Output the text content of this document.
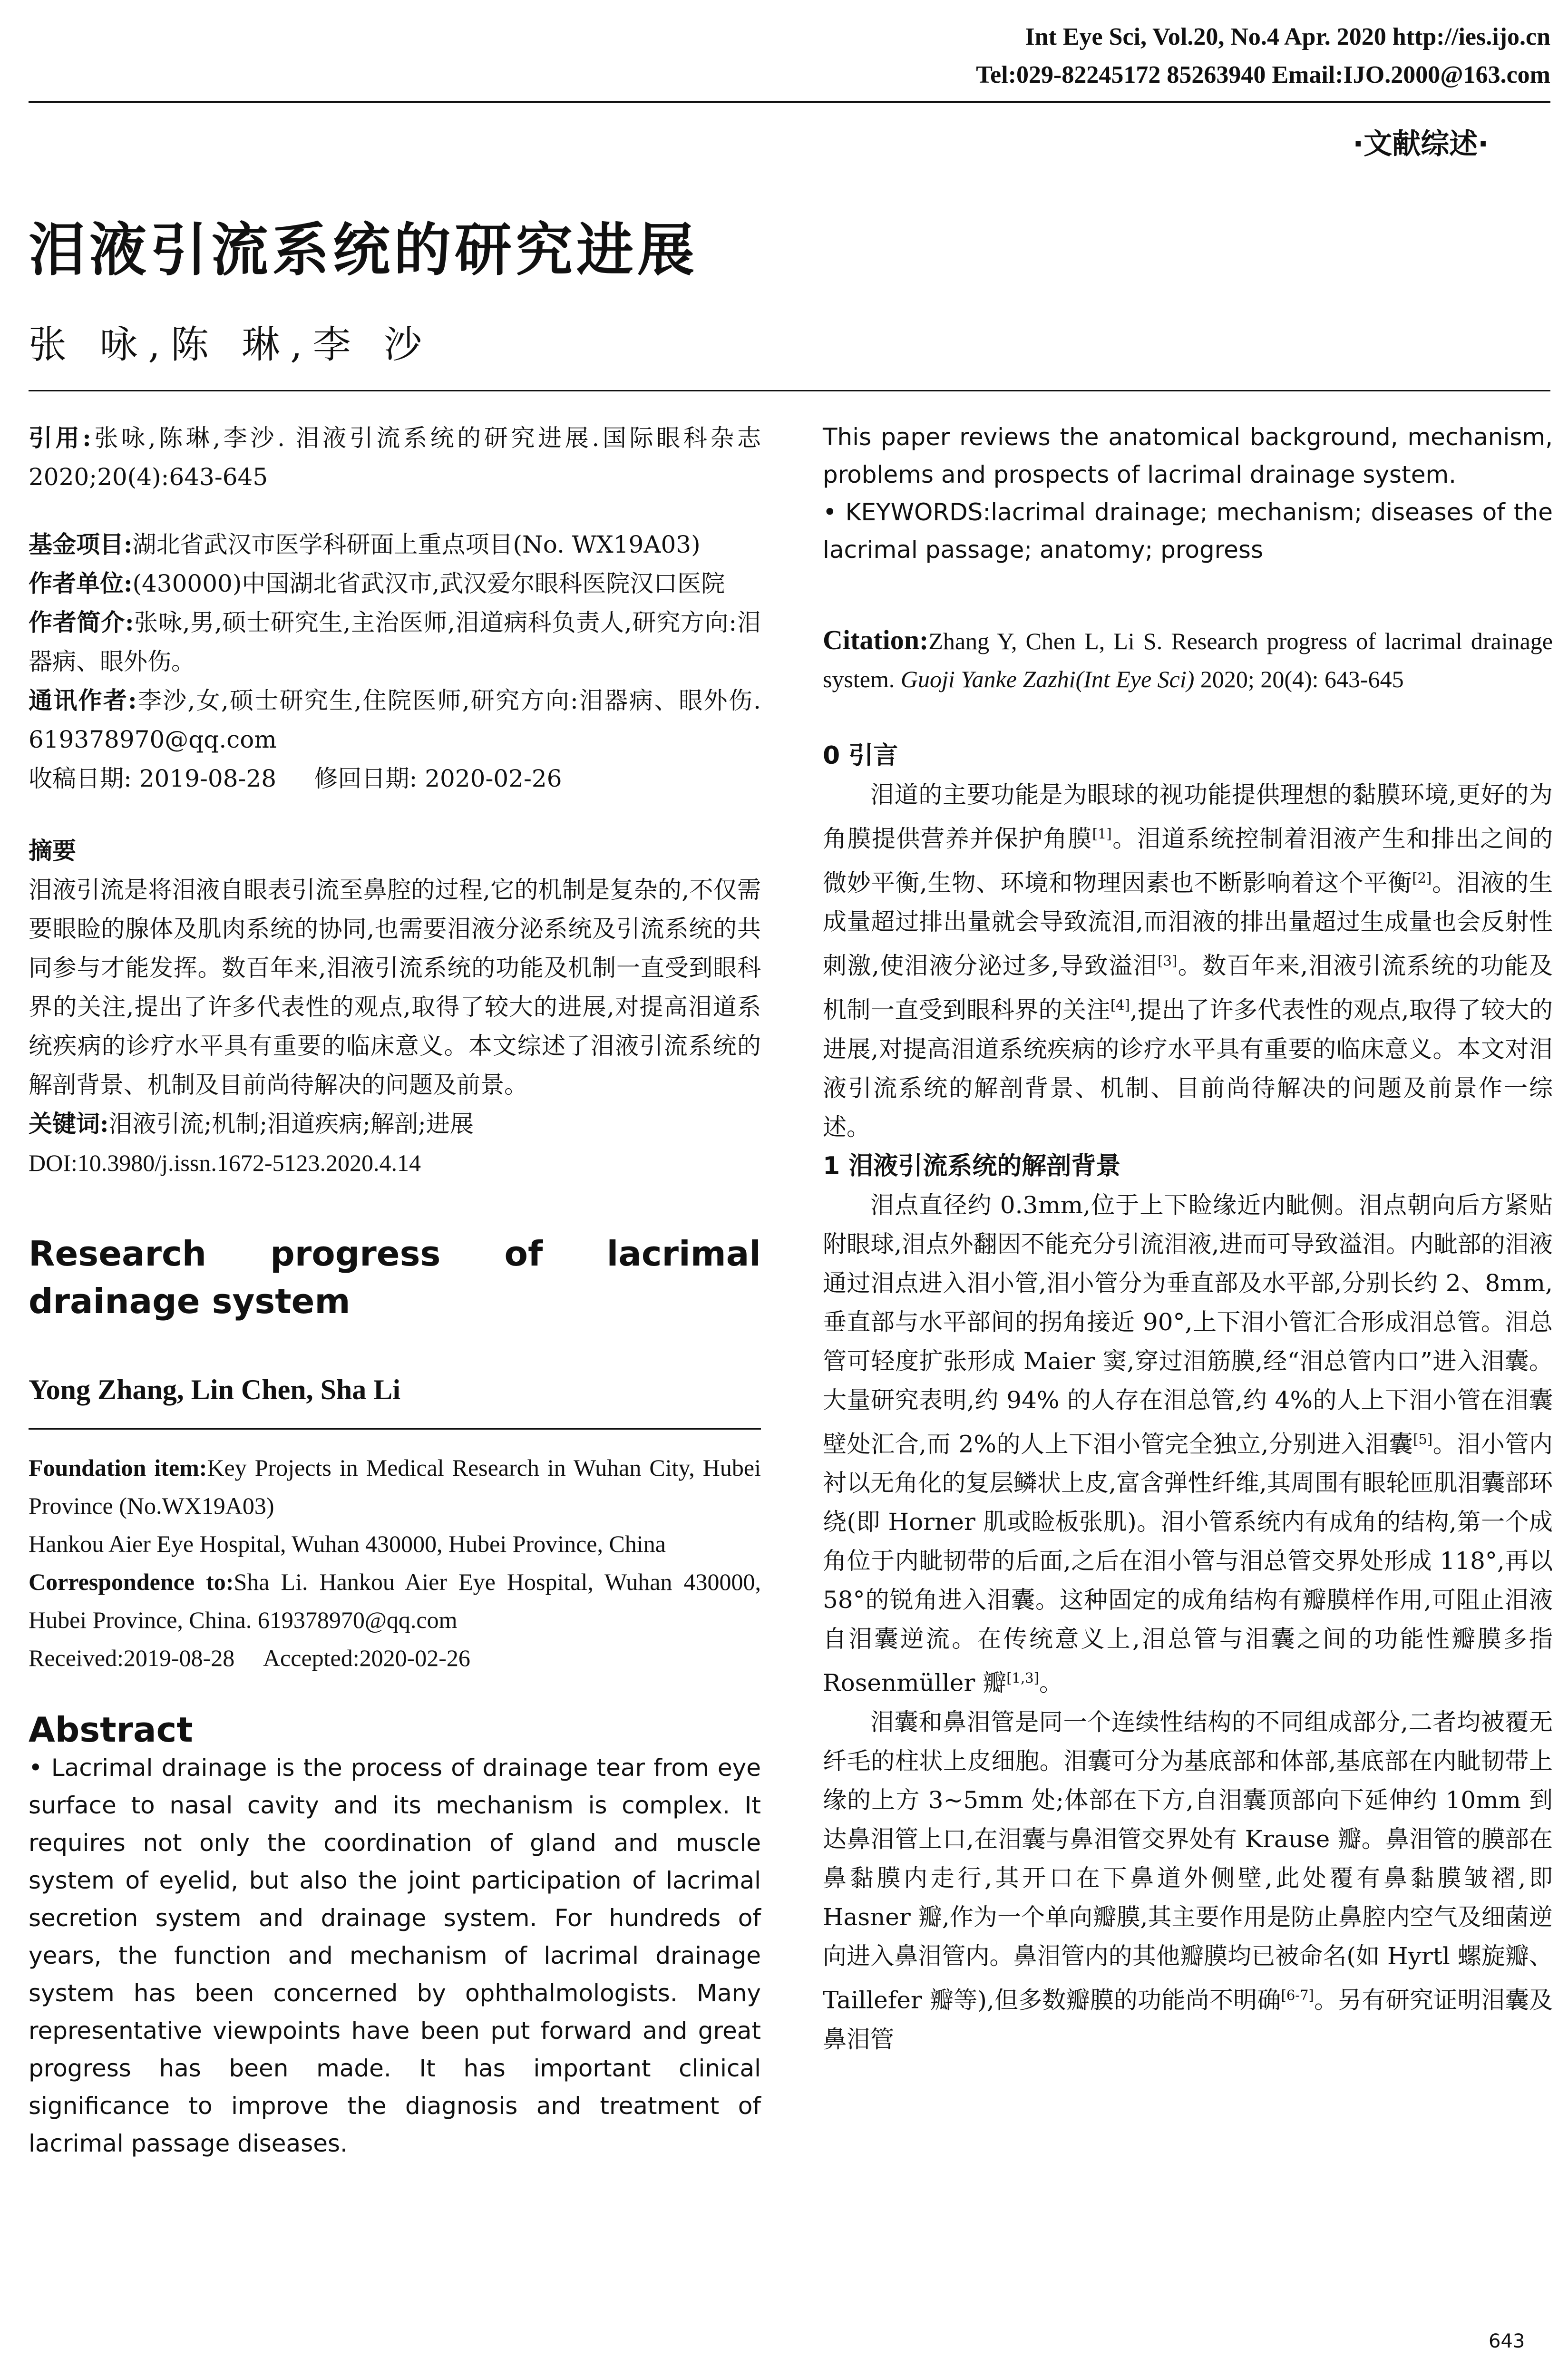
Int Eye Sci, Vol.20, No.4 Apr. 2020 http://ies.ijo.cn
Tel:029-82245172 85263940 Email:IJO.2000@163.com
·文献综述·
泪液引流系统的研究进展
张 咏,陈 琳,李 沙

引用:张咏,陈琳,李沙. 泪液引流系统的研究进展.国际眼科杂志 2020;20(4):643-645

基金项目:湖北省武汉市医学科研面上重点项目(No. WX19A03)

作者单位:(430000)中国湖北省武汉市,武汉爱尔眼科医院汉口医院

作者简介:张咏,男,硕士研究生,主治医师,泪道病科负责人,研究方向:泪器病、眼外伤。

通讯作者:李沙,女,硕士研究生,住院医师,研究方向:泪器病、眼外伤. 619378970@qq.com

收稿日期: 2019-08-28     修回日期: 2020-02-26

摘要

泪液引流是将泪液自眼表引流至鼻腔的过程,它的机制是复杂的,不仅需要眼睑的腺体及肌肉系统的协同,也需要泪液分泌系统及引流系统的共同参与才能发挥。数百年来,泪液引流系统的功能及机制一直受到眼科界的关注,提出了许多代表性的观点,取得了较大的进展,对提高泪道系统疾病的诊疗水平具有重要的临床意义。本文综述了泪液引流系统的解剖背景、机制及目前尚待解决的问题及前景。

关键词:泪液引流;机制;泪道疾病;解剖;进展

DOI:10.3980/j.issn.1672-5123.2020.4.14

Research progress of lacrimal drainage system

Yong Zhang, Lin Chen, Sha Li

Foundation item:Key Projects in Medical Research in Wuhan City, Hubei Province (No.WX19A03)

Hankou Aier Eye Hospital, Wuhan 430000, Hubei Province, China

Correspondence to:Sha Li. Hankou Aier Eye Hospital, Wuhan 430000, Hubei Province, China. 619378970@qq.com

Received:2019-08-28     Accepted:2020-02-26

Abstract

• Lacrimal drainage is the process of drainage tear from eye surface to nasal cavity and its mechanism is complex. It requires not only the coordination of gland and muscle system of eyelid, but also the joint participation of lacrimal secretion system and drainage system. For hundreds of years, the function and mechanism of lacrimal drainage system has been concerned by ophthalmologists. Many representative viewpoints have been put forward and great progress has been made. It has important clinical significance to improve the diagnosis and treatment of lacrimal passage diseases.

This paper reviews the anatomical background, mechanism, problems and prospects of lacrimal drainage system.

• KEYWORDS:lacrimal drainage; mechanism; diseases of the lacrimal passage; anatomy; progress

Citation:Zhang Y, Chen L, Li S. Research progress of lacrimal drainage system. Guoji Yanke Zazhi(Int Eye Sci) 2020; 20(4): 643-645

0 引言

泪道的主要功能是为眼球的视功能提供理想的黏膜环境,更好的为角膜提供营养并保护角膜[1]。泪道系统控制着泪液产生和排出之间的微妙平衡,生物、环境和物理因素也不断影响着这个平衡[2]。泪液的生成量超过排出量就会导致流泪,而泪液的排出量超过生成量也会反射性刺激,使泪液分泌过多,导致溢泪[3]。数百年来,泪液引流系统的功能及机制一直受到眼科界的关注[4],提出了许多代表性的观点,取得了较大的进展,对提高泪道系统疾病的诊疗水平具有重要的临床意义。本文对泪液引流系统的解剖背景、机制、目前尚待解决的问题及前景作一综述。

1 泪液引流系统的解剖背景

泪点直径约 0.3mm,位于上下睑缘近内眦侧。泪点朝向后方紧贴附眼球,泪点外翻因不能充分引流泪液,进而可导致溢泪。内眦部的泪液通过泪点进入泪小管,泪小管分为垂直部及水平部,分别长约 2、8mm,垂直部与水平部间的拐角接近 90°,上下泪小管汇合形成泪总管。泪总管可轻度扩张形成 Maier 窦,穿过泪筋膜,经“泪总管内口”进入泪囊。大量研究表明,约 94% 的人存在泪总管,约 4%的人上下泪小管在泪囊壁处汇合,而 2%的人上下泪小管完全独立,分别进入泪囊[5]。泪小管内衬以无角化的复层鳞状上皮,富含弹性纤维,其周围有眼轮匝肌泪囊部环绕(即 Horner 肌或睑板张肌)。泪小管系统内有成角的结构,第一个成角位于内眦韧带的后面,之后在泪小管与泪总管交界处形成 118°,再以 58°的锐角进入泪囊。这种固定的成角结构有瓣膜样作用,可阻止泪液自泪囊逆流。在传统意义上,泪总管与泪囊之间的功能性瓣膜多指 Rosenmüller 瓣[1,3]。

泪囊和鼻泪管是同一个连续性结构的不同组成部分,二者均被覆无纤毛的柱状上皮细胞。泪囊可分为基底部和体部,基底部在内眦韧带上缘的上方 3~5mm 处;体部在下方,自泪囊顶部向下延伸约 10mm 到达鼻泪管上口,在泪囊与鼻泪管交界处有 Krause 瓣。鼻泪管的膜部在鼻黏膜内走行,其开口在下鼻道外侧壁,此处覆有鼻黏膜皱褶,即 Hasner 瓣,作为一个单向瓣膜,其主要作用是防止鼻腔内空气及细菌逆向进入鼻泪管内。鼻泪管内的其他瓣膜均已被命名(如 Hyrtl 螺旋瓣、Taillefer 瓣等),但多数瓣膜的功能尚不明确[6-7]。另有研究证明泪囊及鼻泪管

643
